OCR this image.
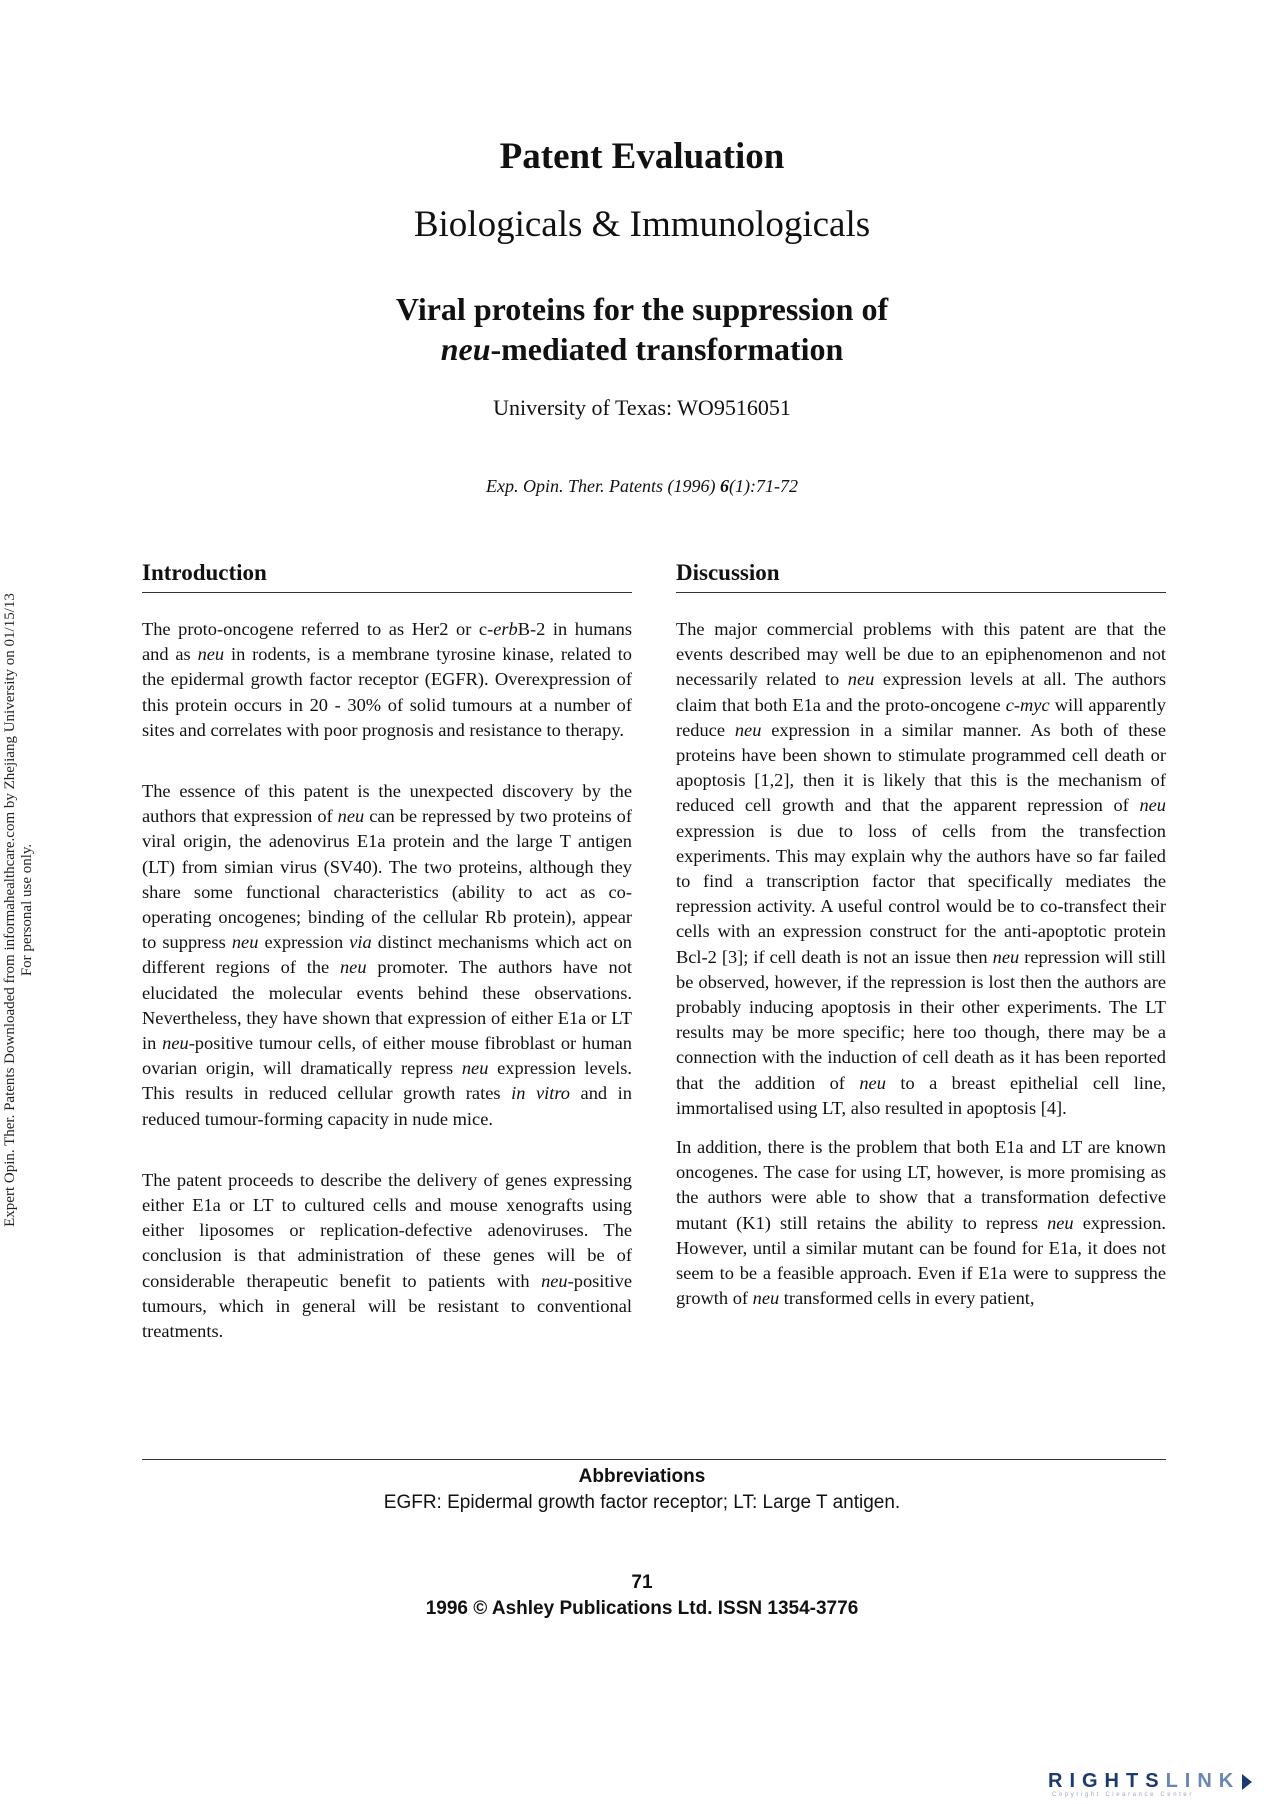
Expert Opin. Ther. Patents Downloaded from informahealthcare.com by Zhejiang University on 01/15/13 For personal use only.
Patent Evaluation
Biologicals & Immunologicals
Viral proteins for the suppression of
neu-mediated transformation
University of Texas: WO9516051
Exp. Opin. Ther. Patents (1996) 6(1):71-72
Introduction

The proto-oncogene referred to as Her2 or c-erbB-2 in humans and as neu in rodents, is a membrane tyrosine kinase, related to the epidermal growth factor receptor (EGFR). Overexpression of this protein occurs in 20 - 30% of solid tumours at a number of sites and correlates with poor prognosis and resistance to therapy.

The essence of this patent is the unexpected discovery by the authors that expression of neu can be repressed by two proteins of viral origin, the adenovirus E1a protein and the large T antigen (LT) from simian virus (SV40). The two proteins, although they share some functional characteristics (ability to act as co-operating oncogenes; binding of the cellular Rb protein), appear to suppress neu expression via distinct mechanisms which act on different regions of the neu promoter. The authors have not elucidated the molecular events behind these observations. Nevertheless, they have shown that expression of either E1a or LT in neu-positive tumour cells, of either mouse fibroblast or human ovarian origin, will dramatically repress neu expression levels. This results in reduced cellular growth rates in vitro and in reduced tumour-forming capacity in nude mice.

The patent proceeds to describe the delivery of genes expressing either E1a or LT to cultured cells and mouse xenografts using either liposomes or replication-defective adenoviruses. The conclusion is that administration of these genes will be of considerable therapeutic benefit to patients with neu-positive tumours, which in general will be resistant to conventional treatments.

Discussion

The major commercial problems with this patent are that the events described may well be due to an epiphenomenon and not necessarily related to neu expression levels at all. The authors claim that both E1a and the proto-oncogene c-myc will apparently reduce neu expression in a similar manner. As both of these proteins have been shown to stimulate programmed cell death or apoptosis [1,2], then it is likely that this is the mechanism of reduced cell growth and that the apparent repression of neu expression is due to loss of cells from the transfection experiments. This may explain why the authors have so far failed to find a transcription factor that specifically mediates the repression activity. A useful control would be to co-transfect their cells with an expression construct for the anti-apoptotic protein Bcl-2 [3]; if cell death is not an issue then neu repression will still be observed, however, if the repression is lost then the authors are probably inducing apoptosis in their other experiments. The LT results may be more specific; here too though, there may be a connection with the induction of cell death as it has been reported that the addition of neu to a breast epithelial cell line, immortalised using LT, also resulted in apoptosis [4].

In addition, there is the problem that both E1a and LT are known oncogenes. The case for using LT, however, is more promising as the authors were able to show that a transformation defective mutant (K1) still retains the ability to repress neu expression. However, until a similar mutant can be found for E1a, it does not seem to be a feasible approach. Even if E1a were to suppress the growth of neu transformed cells in every patient,

Abbreviations
EGFR: Epidermal growth factor receptor; LT: Large T antigen.
71
1996 © Ashley Publications Ltd. ISSN 1354-3776
RIGHTSLINK
Copyright Clearance Center
